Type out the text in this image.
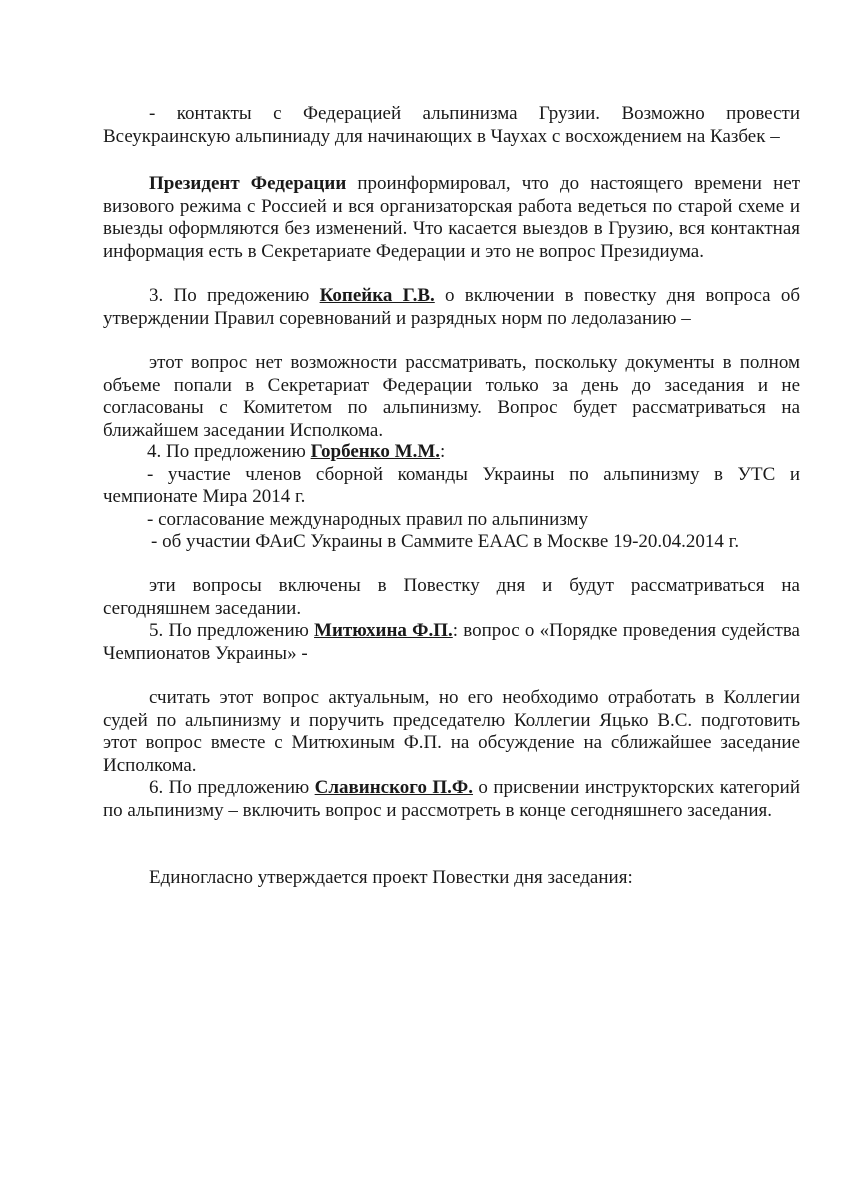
- контакты с Федерацией альпинизма Грузии. Возможно провести Всеукраинскую альпиниаду для начинающих в Чаухах с восхождением на Казбек –

Президент Федерации проинформировал, что до настоящего времени нет визового режима с Россией и вся организаторская работа ведеться по старой схеме и выезды оформляются без изменений. Что касается выездов в Грузию, вся контактная информация есть в Секретариате Федерации и это не вопрос Президиума.

3. По предожению Копейка Г.В. о включении в повестку дня вопроса об утверждении Правил соревнований и разрядных норм по ледолазанию –

этот вопрос нет возможности рассматривать, поскольку документы в полном объеме попали в Секретариат Федерации только за день до заседания и не согласованы с Комитетом по альпинизму. Вопрос будет рассматриваться на ближайшем заседании Исполкома.

4. По предложению Горбенко М.М.:
- участие членов сборной команды Украины по альпинизму в УТС и чемпионате Мира 2014 г.
- согласование международных правил по альпинизму
- об участии ФАиС Украины в Саммите ЕААС в Москве 19-20.04.2014 г.

эти вопросы включены в Повестку дня и будут рассматриваться на сегодняшнем заседании.

5. По предложению Митюхина Ф.П.: вопрос о «Порядке проведения судейства Чемпионатов Украины» -

считать этот вопрос актуальным, но его необходимо отработать в Коллегии судей по альпинизму и поручить председателю Коллегии Яцько В.С. подготовить этот вопрос вместе с Митюхиным Ф.П. на обсуждение на сближайшее заседание Исполкома.

6. По предложению Славинского П.Ф. о присвении инструкторских категорий по альпинизму – включить вопрос и рассмотреть в конце сегодняшнего заседания.

Единогласно утверждается проект Повестки дня заседания:
